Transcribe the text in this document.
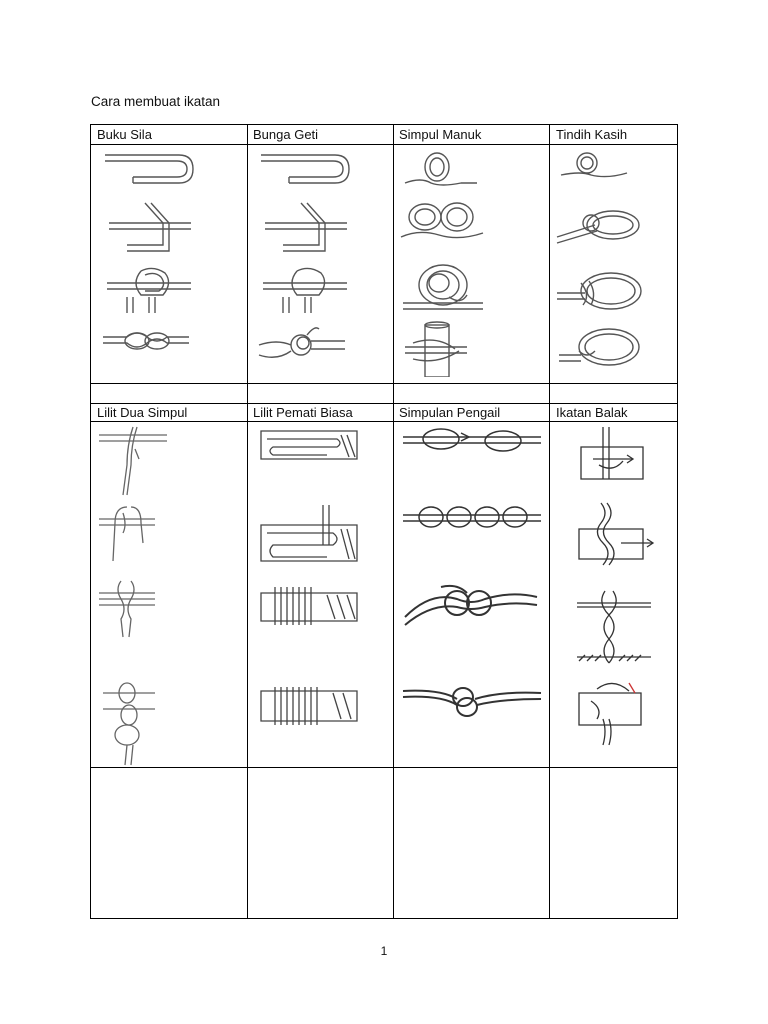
Cara membuat ikatan
Buku Sila	Bunga Geti	Simpul Manuk	Tindih Kasih
Lilit Dua Simpul	Lilit Pemati Biasa	Simpulan Pengail	Ikatan Balak
1
